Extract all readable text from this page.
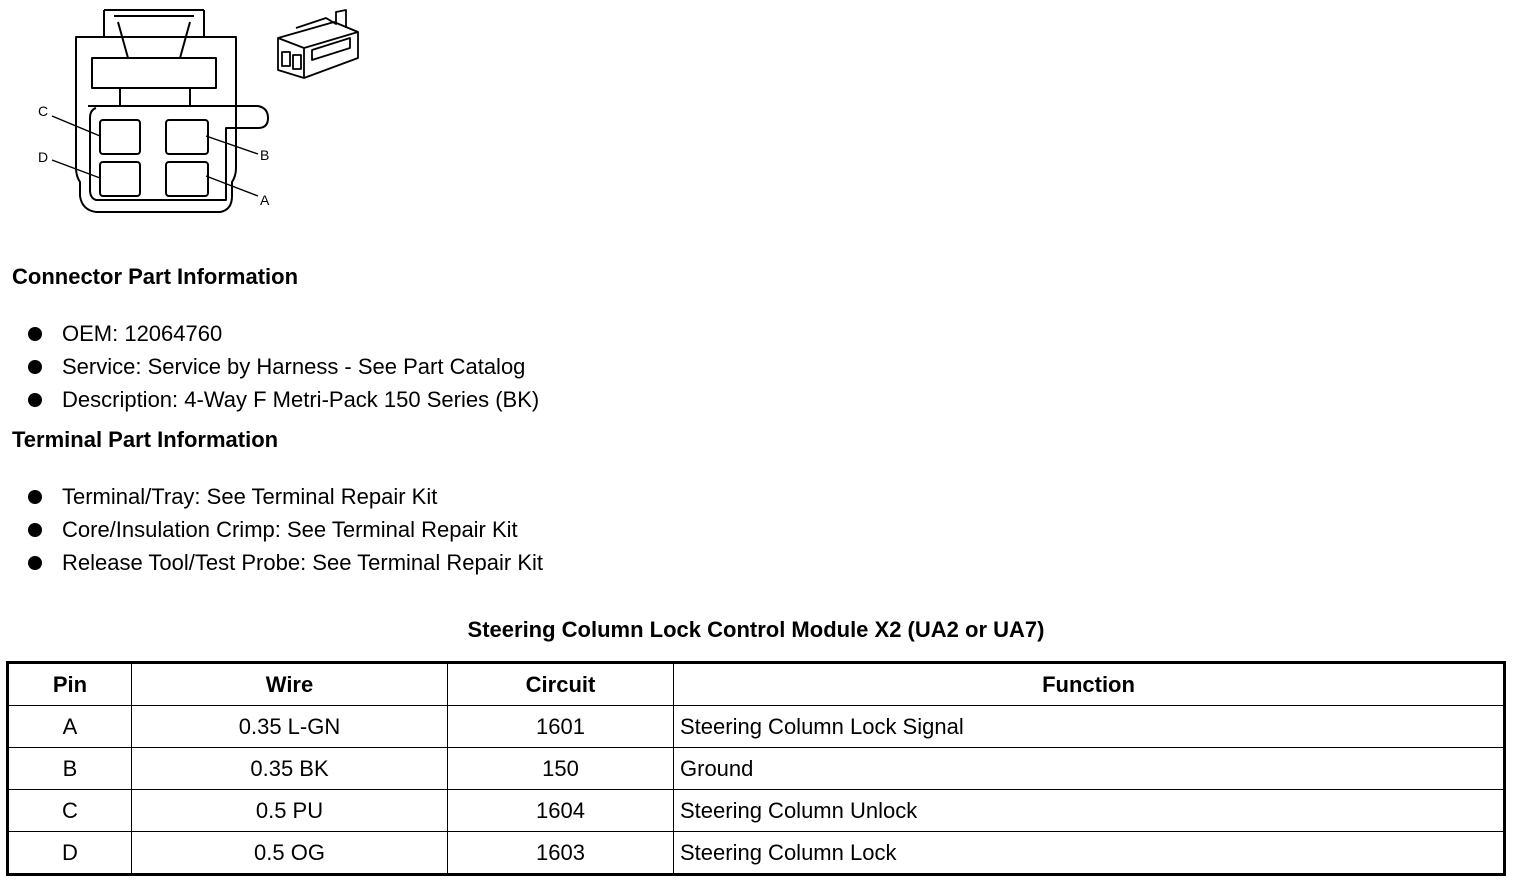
C
D	B
A
Connector Part Information
OEM: 12064760
Service: Service by Harness - See Part Catalog
Description: 4-Way F Metri-Pack 150 Series (BK)
Terminal Part Information
Terminal/Tray: See Terminal Repair Kit
Core/Insulation Crimp: See Terminal Repair Kit
Release Tool/Test Probe: See Terminal Repair Kit
Steering Column Lock Control Module X2 (UA2 or UA7)
Pin	Wire	Circuit	Function
A	0.35 L-GN	1601	Steering Column Lock Signal
B	0.35 BK	150	Ground
C	0.5 PU	1604	Steering Column Unlock
D	0.5 OG	1603	Steering Column Lock
